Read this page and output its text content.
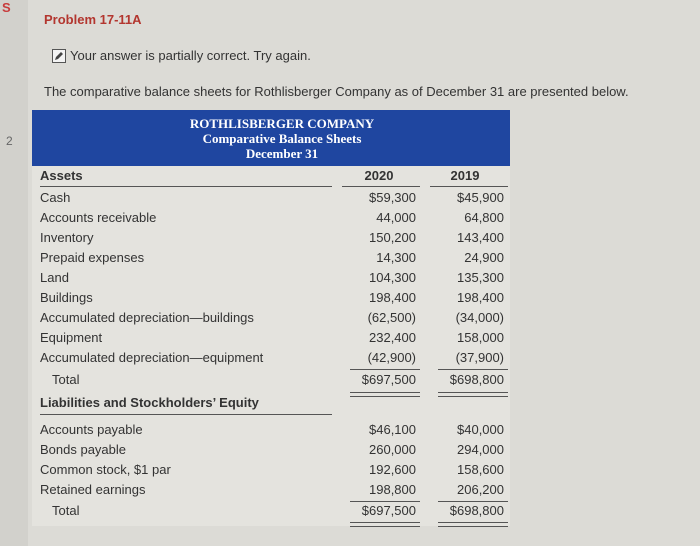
S
2
Problem 17-11A
Your answer is partially correct. Try again.
The comparative balance sheets for Rothlisberger Company as of December 31 are presented below.
ROTHLISBERGER COMPANY
Comparative Balance Sheets
December 31
Assets	2020	2019
Cash	$59,300	$45,900
Accounts receivable	44,000	64,800
Inventory	150,200	143,400
Prepaid expenses	14,300	24,900
Land	104,300	135,300
Buildings	198,400	198,400
Accumulated depreciation—buildings	(62,500)	(34,000)
Equipment	232,400	158,000
Accumulated depreciation—equipment	(42,900)	(37,900)
Total	$697,500	$698,800
Liabilities and Stockholders’ Equity
Accounts payable	$46,100	$40,000
Bonds payable	260,000	294,000
Common stock, $1 par	192,600	158,600
Retained earnings	198,800	206,200
Total	$697,500	$698,800
